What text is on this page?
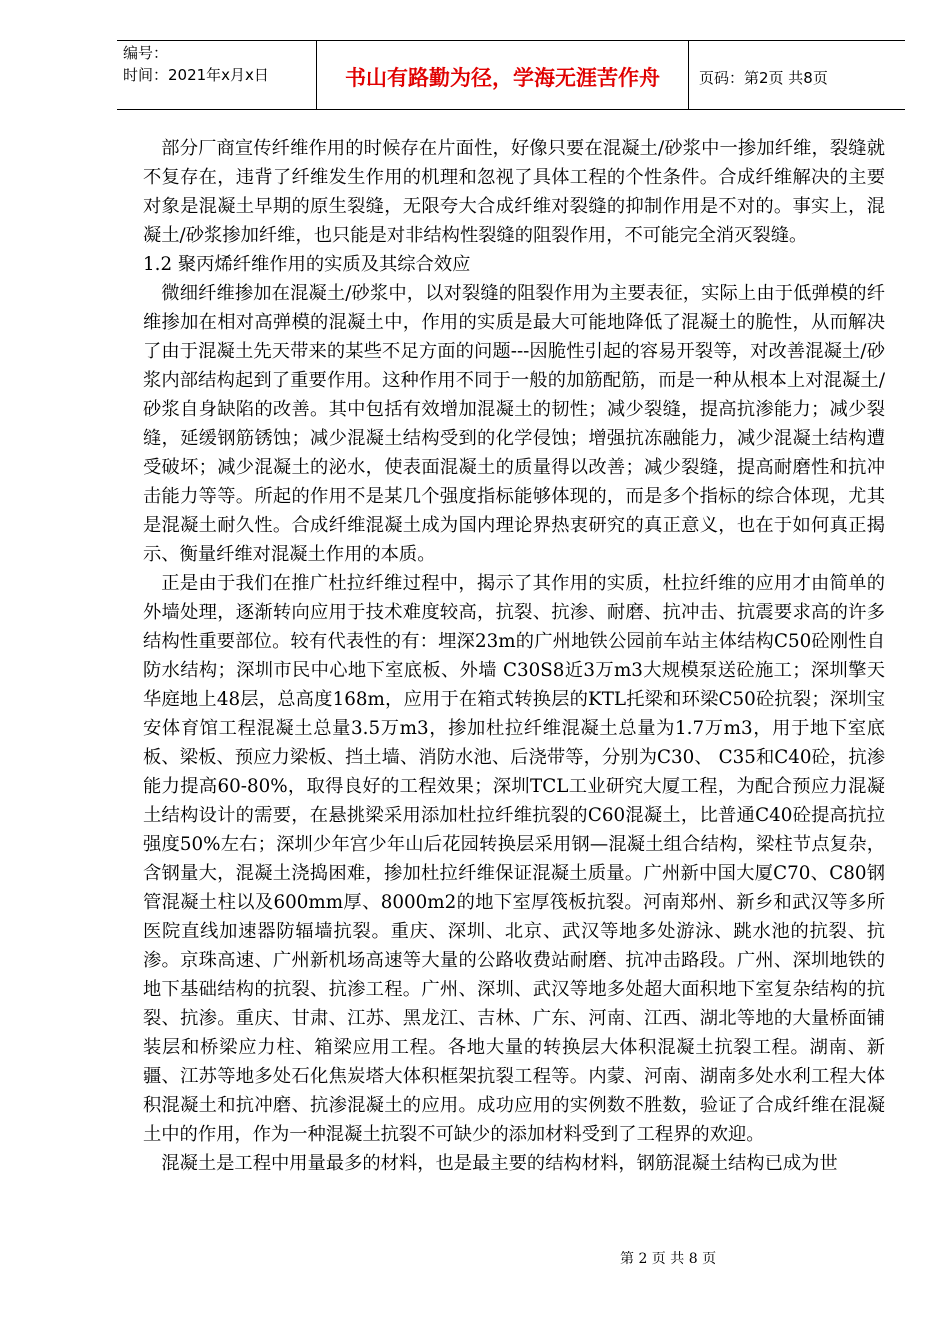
编号：
时间：2021年x月x日	书山有路勤为径，学海无涯苦作舟	页码：第2页 共8页

部分厂商宣传纤维作用的时候存在片面性，好像只要在混凝土/砂浆中一掺加纤维，裂缝就不复存在，违背了纤维发生作用的机理和忽视了具体工程的个性条件。合成纤维解决的主要对象是混凝土早期的原生裂缝，无限夸大合成纤维对裂缝的抑制作用是不对的。事实上，混凝土/砂浆掺加纤维，也只能是对非结构性裂缝的阻裂作用，不可能完全消灭裂缝。

1.2 聚丙烯纤维作用的实质及其综合效应

微细纤维掺加在混凝土/砂浆中，以对裂缝的阻裂作用为主要表征，实际上由于低弹模的纤维掺加在相对高弹模的混凝土中，作用的实质是最大可能地降低了混凝土的脆性，从而解决了由于混凝土先天带来的某些不足方面的问题---因脆性引起的容易开裂等，对改善混凝土/砂浆内部结构起到了重要作用。这种作用不同于一般的加筋配筋，而是一种从根本上对混凝土/砂浆自身缺陷的改善。其中包括有效增加混凝土的韧性；减少裂缝，提高抗渗能力；减少裂缝，延缓钢筋锈蚀；减少混凝土结构受到的化学侵蚀；增强抗冻融能力，减少混凝土结构遭受破坏；减少混凝土的泌水，使表面混凝土的质量得以改善；减少裂缝，提高耐磨性和抗冲击能力等等。所起的作用不是某几个强度指标能够体现的，而是多个指标的综合体现，尤其是混凝土耐久性。合成纤维混凝土成为国内理论界热衷研究的真正意义，也在于如何真正揭示、衡量纤维对混凝土作用的本质。

正是由于我们在推广杜拉纤维过程中，揭示了其作用的实质，杜拉纤维的应用才由简单的外墙处理，逐渐转向应用于技术难度较高，抗裂、抗渗、耐磨、抗冲击、抗震要求高的许多结构性重要部位。较有代表性的有：埋深23m的广州地铁公园前车站主体结构C50砼刚性自防水结构；深圳市民中心地下室底板、外墙 C30S8近3万m3大规模泵送砼施工；深圳擎天华庭地上48层，总高度168m，应用于在箱式转换层的KTL托梁和环梁C50砼抗裂；深圳宝安体育馆工程混凝土总量3.5万m3，掺加杜拉纤维混凝土总量为1.7万m3，用于地下室底板、梁板、预应力梁板、挡土墙、消防水池、后浇带等，分别为C30、 C35和C40砼，抗渗能力提高60-80%，取得良好的工程效果；深圳TCL工业研究大厦工程，为配合预应力混凝土结构设计的需要，在悬挑梁采用添加杜拉纤维抗裂的C60混凝土，比普通C40砼提高抗拉强度50%左右；深圳少年宫少年山后花园转换层采用钢—混凝土组合结构，梁柱节点复杂，含钢量大，混凝土浇捣困难，掺加杜拉纤维保证混凝土质量。广州新中国大厦C70、C80钢管混凝土柱以及600mm厚、8000m2的地下室厚筏板抗裂。河南郑州、新乡和武汉等多所医院直线加速器防辐墙抗裂。重庆、深圳、北京、武汉等地多处游泳、跳水池的抗裂、抗渗。京珠高速、广州新机场高速等大量的公路收费站耐磨、抗冲击路段。广州、深圳地铁的地下基础结构的抗裂、抗渗工程。广州、深圳、武汉等地多处超大面积地下室复杂结构的抗裂、抗渗。重庆、甘肃、江苏、黑龙江、吉林、广东、河南、江西、湖北等地的大量桥面铺装层和桥梁应力柱、箱梁应用工程。各地大量的转换层大体积混凝土抗裂工程。湖南、新疆、江苏等地多处石化焦炭塔大体积框架抗裂工程等。内蒙、河南、湖南多处水利工程大体积混凝土和抗冲磨、抗渗混凝土的应用。成功应用的实例数不胜数，验证了合成纤维在混凝土中的作用，作为一种混凝土抗裂不可缺少的添加材料受到了工程界的欢迎。

混凝土是工程中用量最多的材料，也是最主要的结构材料，钢筋混凝土结构已成为世

第 2 页 共 8 页
